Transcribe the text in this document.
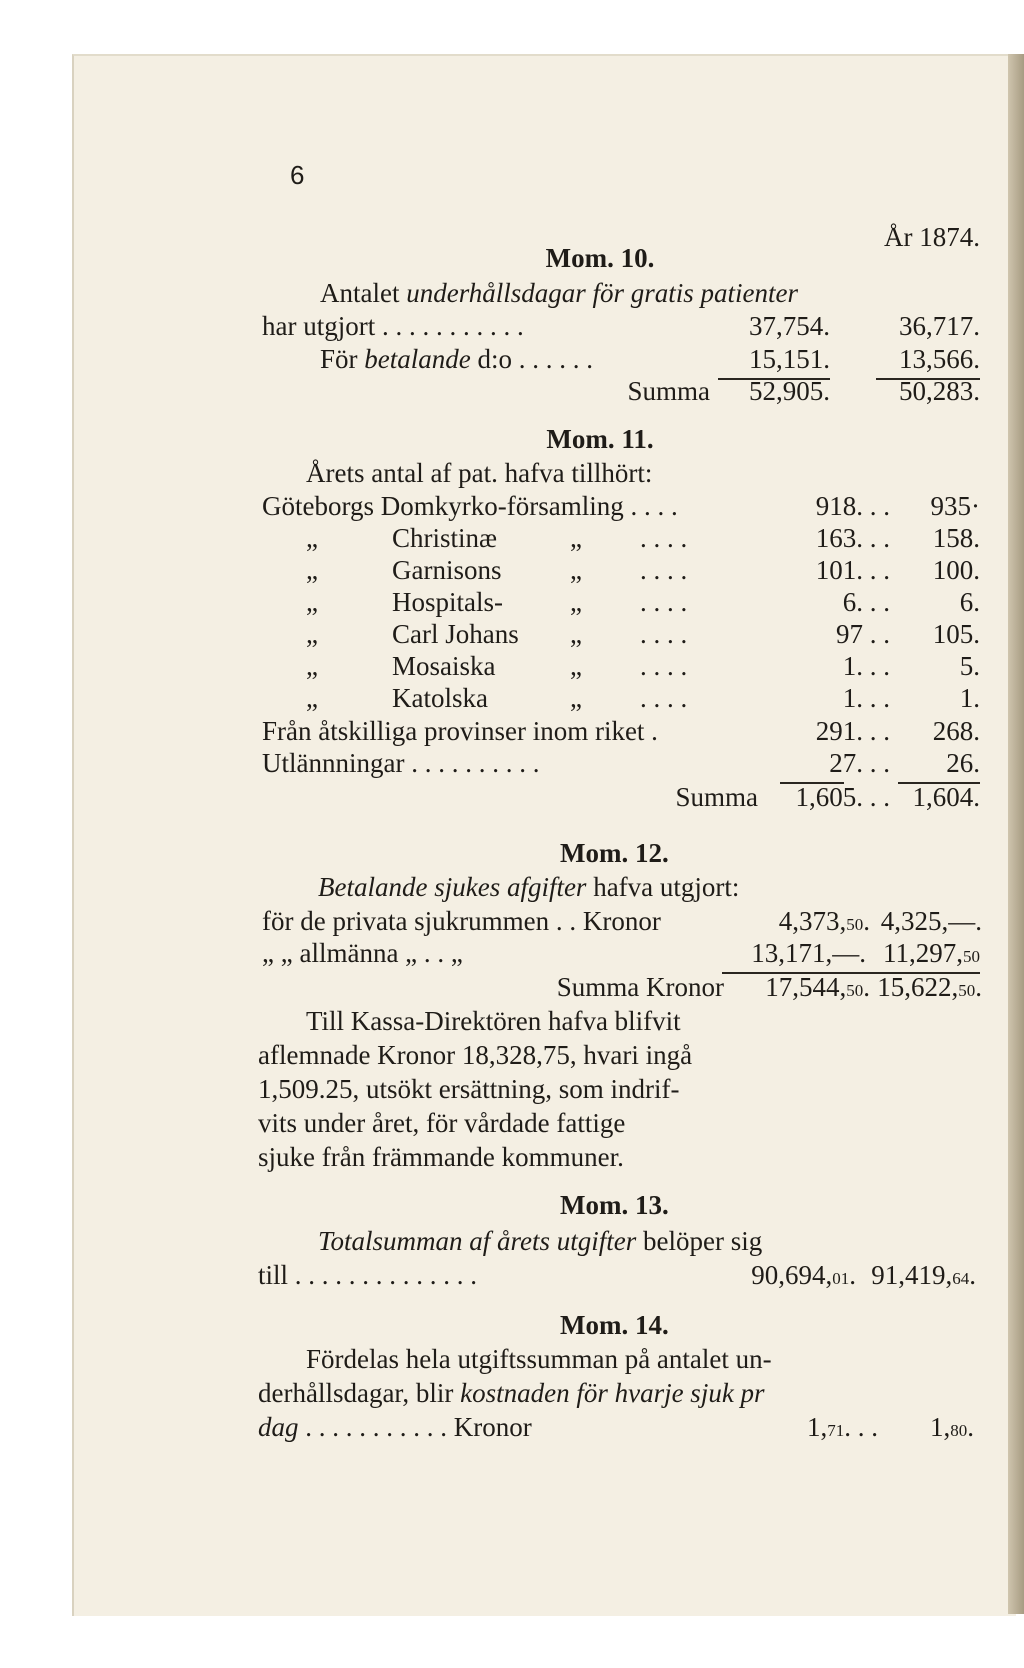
6
År 1874.
Mom. 10.
Antalet underhållsdagar för gratis patienter
har utgjort . . . . . . . . . . .	37,754.	36,717.
För betalande d:o . . . . . .	15,151.	13,566.
Summa	52,905.	50,283.
Mom. 11.
Årets antal af pat. hafva tillhört:
Göteborgs Domkyrko-församling . . . .	918. . .	935·
„	Christinæ	„ . . . .	163. . .	158.
„	Garnisons	„ . . . .	101. . .	100.
„	Hospitals- „ . . . .	6. . .	6.
„	Carl Johans „ . . . .	97 . .	105.
„	Mosaiska	„ . . . .	1. . .	5.
„	Katolska	„ . . . .	1. . .	1.
Från åtskilliga provinser inom riket .	291. . .	268.
Utlännningar . . . . . . . . . .	27. . .	26.
Summa	1,605. . . 1,604.
Mom. 12.
Betalande sjukes afgifter hafva utgjort:
för de privata sjukrummen . . Kronor	4,373,50. 4,325,—.
„ „ allmänna „ . . „	13,171,—. 11,297,50
Summa Kronor	17,544,50. 15,622,50.
Till Kassa-Direktören hafva blifvit
aflemnade Kronor 18,328,75, hvari ingå
1,509.25, utsökt ersättning, som indrif-
vits under året, för vårdade fattige
sjuke från främmande kommuner.
Mom. 13.
Totalsumman af årets utgifter belöper sig
till . . . . . . . . . . . . . .	90,694,01. 91,419,64.
Mom. 14.
Fördelas hela utgiftssumman på antalet un-
derhållsdagar, blir kostnaden för hvarje sjuk pr
dag . . . . . . . . . . . Kronor	1,71. . .	1,80.
